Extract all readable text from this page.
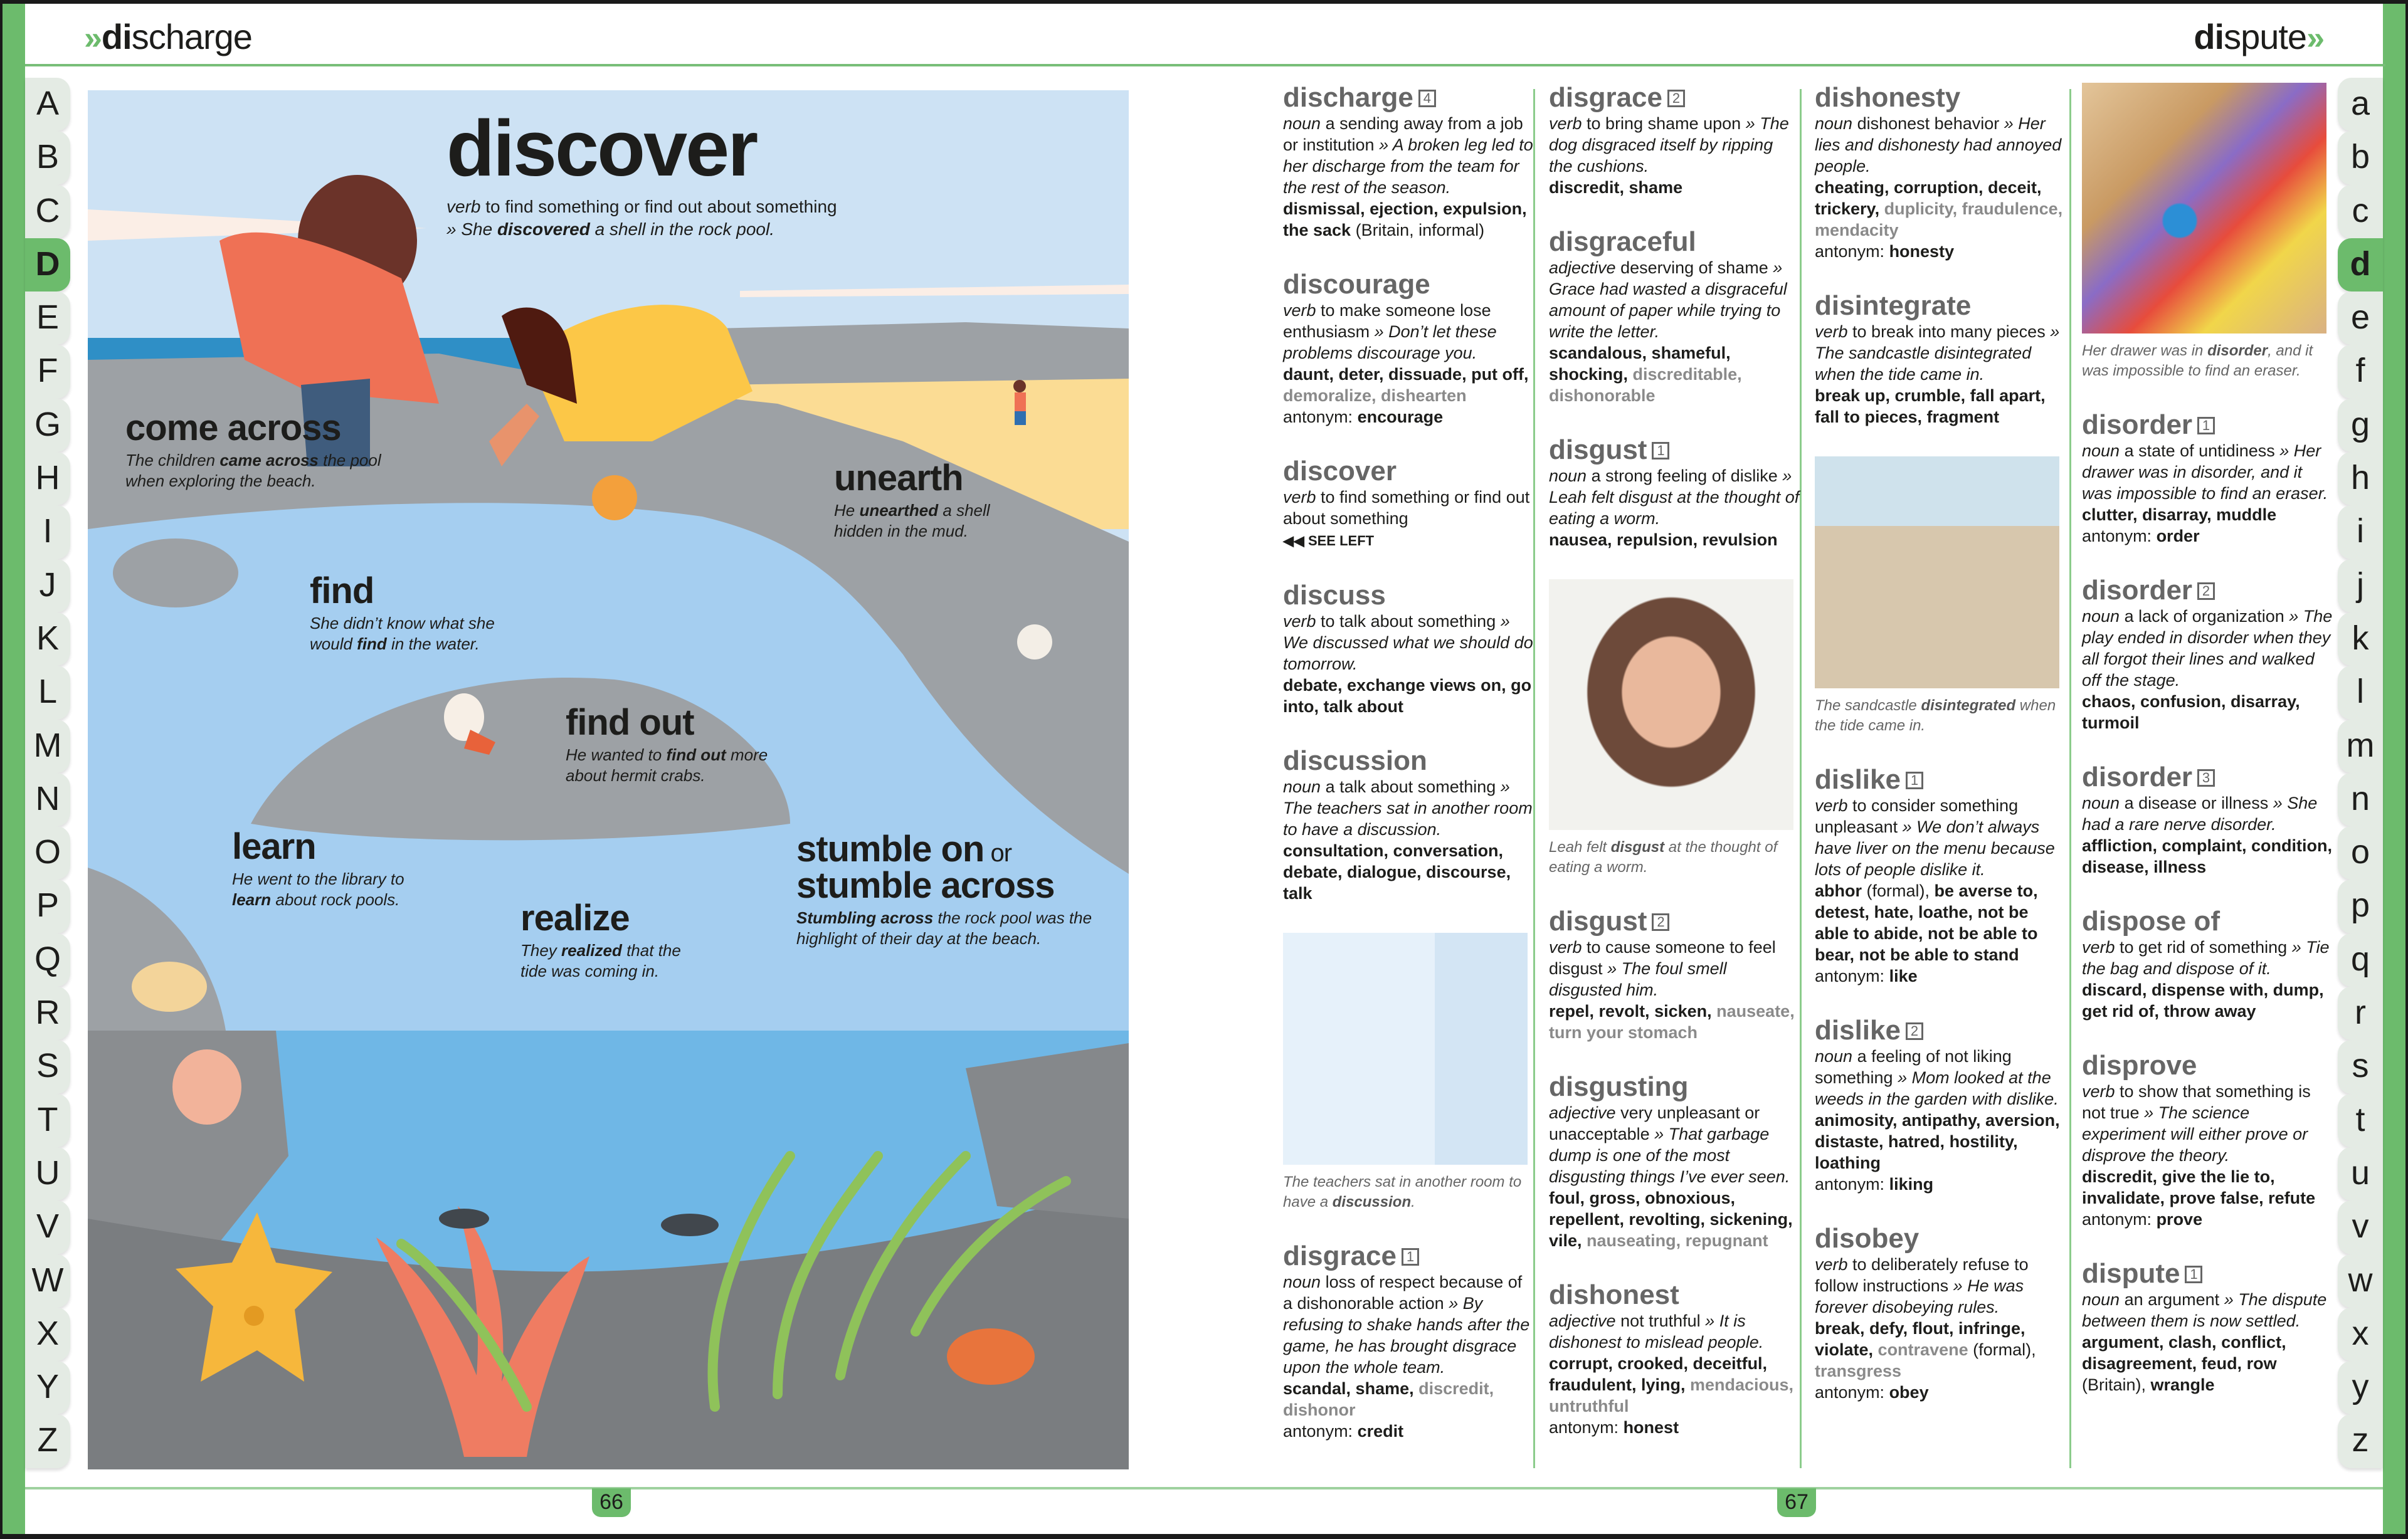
»discharge	dispute»
A
B
C
D
E
F
G
H
I
J
K
L
M
N
O
P
Q
R
S
T
U
V
W
X
Y
Z
a
b
c
d
e
f
g
h
i
j
k
l
m
n
o
p
q
r
s
t
u
v
w
x
y
z
discover
verb to find something or find out about something
» She discovered a shell in the rock pool.
come across
The children came across the pool when exploring the beach.	unearth
He unearthed a shell hidden in the mud.
find
She didn’t know what she would find in the water.
find out
He wanted to find out more about hermit crabs.
learn
He went to the library to learn about rock pools.	realize
They realized that the tide was coming in.
stumble on or
stumble across
Stumbling across the rock pool was the highlight of their day at the beach.
discharge 4
noun a sending away from a job or institution » A broken leg led to her discharge from the team for the rest of the season.
dismissal, ejection, expulsion, the sack (Britain, informal)
discourage
verb to make someone lose enthusiasm » Don’t let these problems discourage you.
daunt, deter, dissuade, put off, demoralize, dishearten
antonym: encourage
discover
verb to find something or find out about something
◀◀ SEE LEFT
discuss
verb to talk about something » We discussed what we should do tomorrow.
debate, exchange views on, go into, talk about
discussion
noun a talk about something » The teachers sat in another room to have a discussion.
consultation, conversation, debate, dialogue, discourse, talk
The teachers sat in another room to have a discussion.
disgrace 1
noun loss of respect because of a dishonorable action » By refusing to shake hands after the game, he has brought disgrace upon the whole team.
scandal, shame, discredit, dishonor
antonym: credit
disgrace 2
verb to bring shame upon » The dog disgraced itself by ripping the cushions.
discredit, shame
disgraceful
adjective deserving of shame » Grace had wasted a disgraceful amount of paper while trying to write the letter.
scandalous, shameful, shocking, discreditable, dishonorable
disgust 1
noun a strong feeling of dislike » Leah felt disgust at the thought of eating a worm.
nausea, repulsion, revulsion
Leah felt disgust at the thought of eating a worm.
disgust 2
verb to cause someone to feel disgust » The foul smell disgusted him.
repel, revolt, sicken, nauseate, turn your stomach
disgusting
adjective very unpleasant or unacceptable » That garbage dump is one of the most disgusting things I’ve ever seen.
foul, gross, obnoxious, repellent, revolting, sickening, vile, nauseating, repugnant
dishonest
adjective not truthful » It is dishonest to mislead people.
corrupt, crooked, deceitful, fraudulent, lying, mendacious, untruthful
antonym: honest
dishonesty
noun dishonest behavior » Her lies and dishonesty had annoyed people.
cheating, corruption, deceit, trickery, duplicity, fraudulence, mendacity
antonym: honesty
disintegrate
verb to break into many pieces » The sandcastle disintegrated when the tide came in.
break up, crumble, fall apart, fall to pieces, fragment
The sandcastle disintegrated when the tide came in.
dislike 1
verb to consider something unpleasant » We don’t always have liver on the menu because lots of people dislike it.
abhor (formal), be averse to, detest, hate, loathe, not be able to abide, not be able to bear, not be able to stand
antonym: like
dislike 2
noun a feeling of not liking something » Mom looked at the weeds in the garden with dislike.
animosity, antipathy, aversion, distaste, hatred, hostility, loathing
antonym: liking
disobey
verb to deliberately refuse to follow instructions » He was forever disobeying rules.
break, defy, flout, infringe, violate, contravene (formal), transgress
antonym: obey
Her drawer was in disorder, and it was impossible to find an eraser.
disorder 1
noun a state of untidiness » Her drawer was in disorder, and it was impossible to find an eraser.
clutter, disarray, muddle
antonym: order
disorder 2
noun a lack of organization » The play ended in disorder when they all forgot their lines and walked off the stage.
chaos, confusion, disarray, turmoil
disorder 3
noun a disease or illness » She had a rare nerve disorder.
affliction, complaint, condition, disease, illness
dispose of
verb to get rid of something » Tie the bag and dispose of it.
discard, dispense with, dump, get rid of, throw away
disprove
verb to show that something is not true » The science experiment will either prove or disprove the theory.
discredit, give the lie to, invalidate, prove false, refute
antonym: prove
dispute 1
noun an argument » The dispute between them is now settled.
argument, clash, conflict, disagreement, feud, row (Britain), wrangle
66	67
